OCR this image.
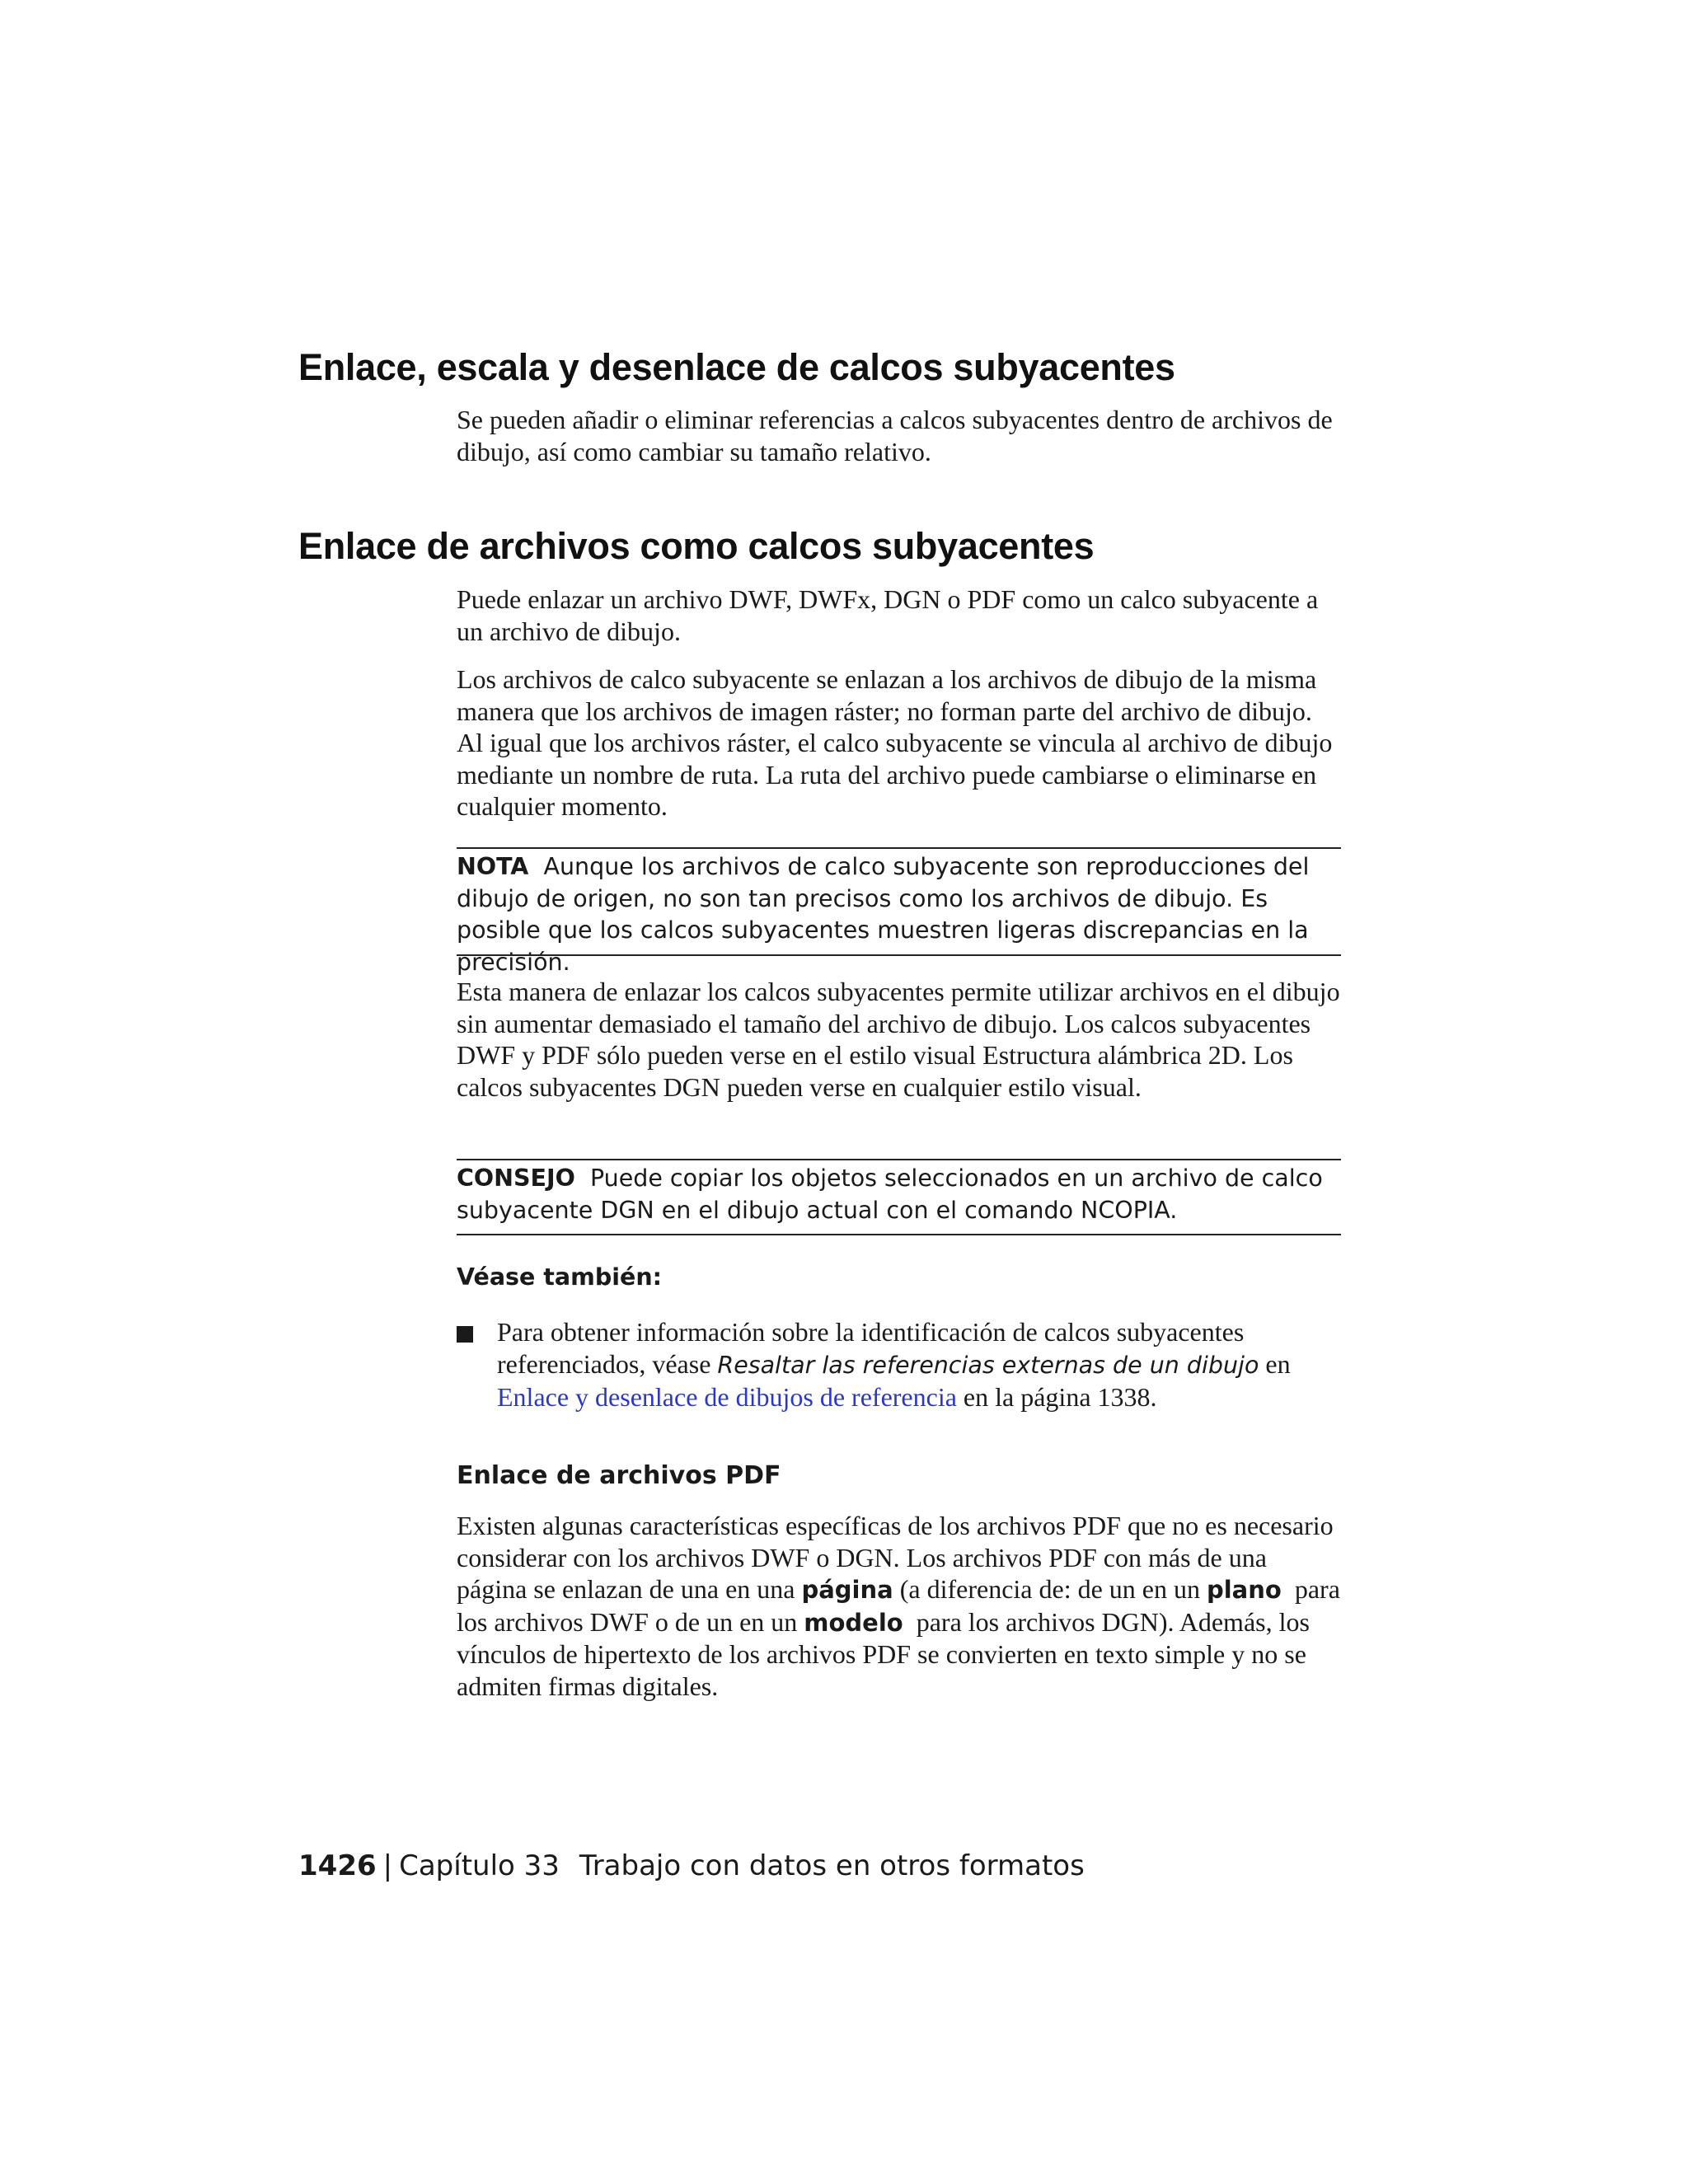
Enlace, escala y desenlace de calcos subyacentes

Se pueden añadir o eliminar referencias a calcos subyacentes dentro de archivos de dibujo, así como cambiar su tamaño relativo.

Enlace de archivos como calcos subyacentes

Puede enlazar un archivo DWF, DWFx, DGN o PDF como un calco subyacente a un archivo de dibujo.

Los archivos de calco subyacente se enlazan a los archivos de dibujo de la misma manera que los archivos de imagen ráster; no forman parte del archivo de dibujo. Al igual que los archivos ráster, el calco subyacente se vincula al archivo de dibujo mediante un nombre de ruta. La ruta del archivo puede cambiarse o eliminarse en cualquier momento.

NOTA Aunque los archivos de calco subyacente son reproducciones del dibujo de origen, no son tan precisos como los archivos de dibujo. Es posible que los calcos subyacentes muestren ligeras discrepancias en la precisión.

Esta manera de enlazar los calcos subyacentes permite utilizar archivos en el dibujo sin aumentar demasiado el tamaño del archivo de dibujo. Los calcos subyacentes DWF y PDF sólo pueden verse en el estilo visual Estructura alámbrica 2D. Los calcos subyacentes DGN pueden verse en cualquier estilo visual.

CONSEJO Puede copiar los objetos seleccionados en un archivo de calco subyacente DGN en el dibujo actual con el comando NCOPIA.

Véase también:

Para obtener información sobre la identificación de calcos subyacentes referenciados, véase Resaltar las referencias externas de un dibujo en Enlace y desenlace de dibujos de referencia en la página 1338.

Enlace de archivos PDF

Existen algunas características específicas de los archivos PDF que no es necesario considerar con los archivos DWF o DGN. Los archivos PDF con más de una página se enlazan de una en una página (a diferencia de: de un en un plano para los archivos DWF o de un en un modelo para los archivos DGN). Además, los vínculos de hipertexto de los archivos PDF se convierten en texto simple y no se admiten firmas digitales.

1426 | Capítulo 33 Trabajo con datos en otros formatos
